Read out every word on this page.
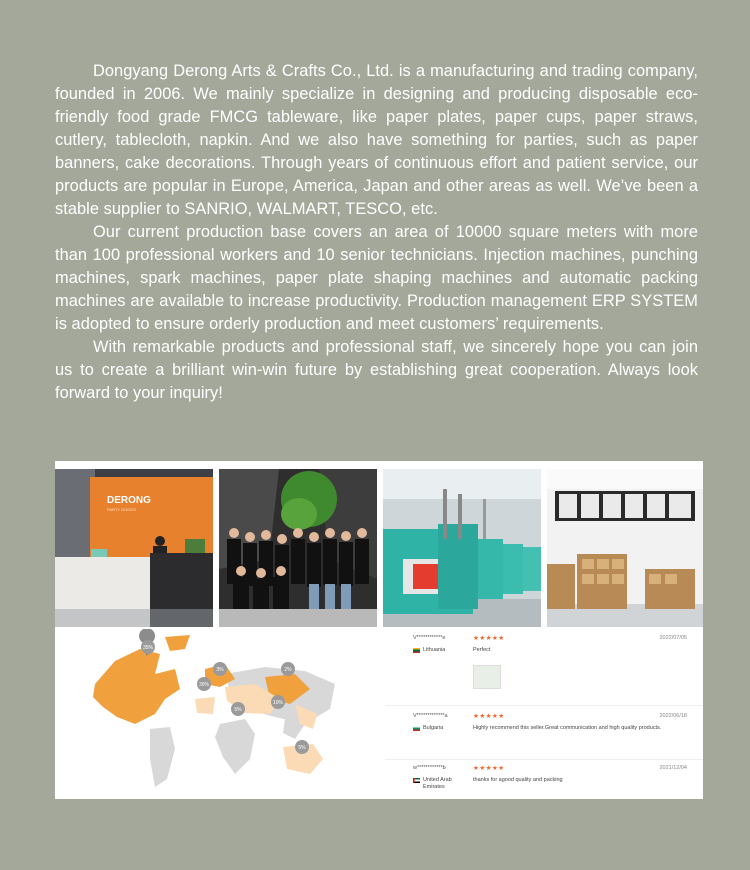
Dongyang Derong Arts & Crafts Co., Ltd. is a manufacturing and trading company, founded in 2006. We mainly specialize in designing and producing disposable eco-friendly food grade FMCG tableware, like paper plates, paper cups, paper straws, cutlery, tablecloth, napkin. And we also have something for parties, such as paper banners, cake decorations. Through years of continuous effort and patient service, our products are popular in Europe, America, Japan and other areas as well. We’ve been a stable supplier to SANRIO, WALMART, TESCO, etc.

Our current production base covers an area of 10000 square meters with more than 100 professional workers and 10 senior technicians. Injection machines, punching machines, spark machines, paper plate shaping machines and automatic packing machines are available to increase productivity. Production management ERP SYSTEM is adopted to ensure orderly production and meet customers’ requirements.

With remarkable products and professional staff, we sincerely hope you can join us to create a brilliant win-win future by establishing great cooperation. Always look forward to your inquiry!

DERONG
PARTY GOODS
35%
3%
30%
2%
5%
10%
5%
V************e
Lithuania
★★★★★
Perfect
2022/07/05
V*************a
Bulgaria
★★★★★
Highly recommend this seller.Great communication and high quality products.
2022/06/18
w************b
United Arab Emirates
★★★★★
thanks for agood quality and packing
2021/12/04
